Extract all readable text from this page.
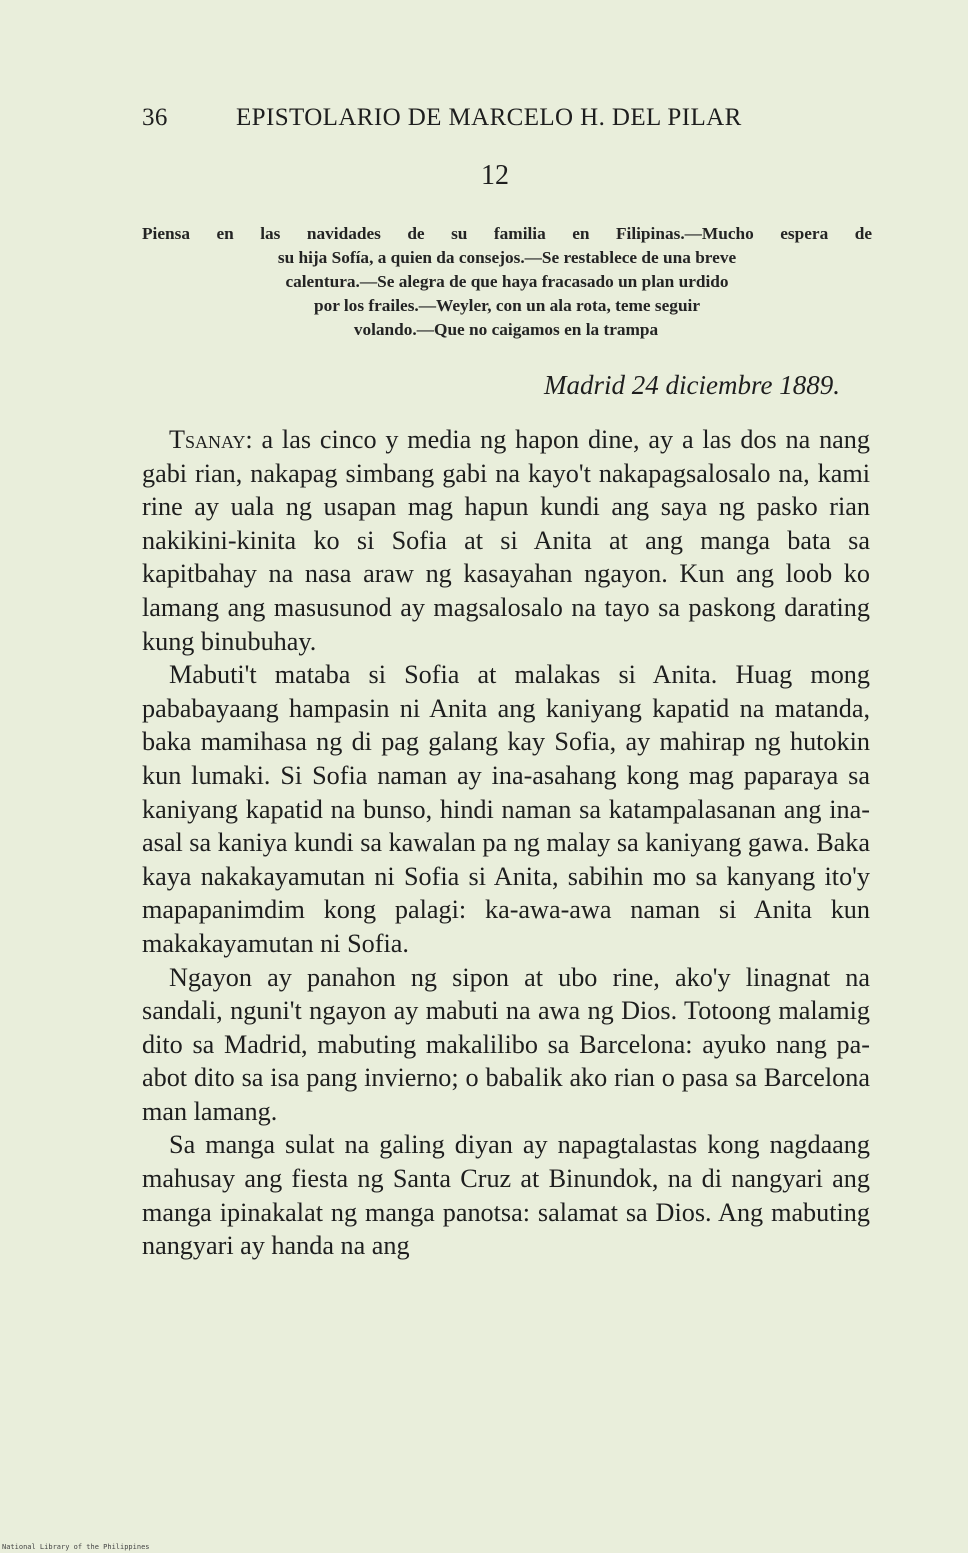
36	EPISTOLARIO DE MARCELO H. DEL PILAR
12
Piensa en las navidades de su familia en Filipinas.—Mucho espera de
su hija Sofía, a quien da consejos.—Se restablece de una breve
calentura.—Se alegra de que haya fracasado un plan urdido
por los frailes.—Weyler, con un ala rota, teme seguir
volando.—Que no caigamos en la trampa
Madrid 24 diciembre 1889.

Tsanay: a las cinco y media ng hapon dine, ay a las dos na nang gabi rian, nakapag simbang gabi na kayo't nakapagsalosalo na, kami rine ay uala ng usapan mag hapun kundi ang saya ng pasko rian nakikini-kinita ko si Sofia at si Anita at ang manga bata sa kapitbahay na nasa araw ng kasayahan ngayon. Kun ang loob ko lamang ang masusunod ay magsalosalo na tayo sa paskong darating kung binubuhay.

Mabuti't mataba si Sofia at malakas si Anita. Huag mong pababayaang hampasin ni Anita ang kaniyang kapatid na matanda, baka mamihasa ng di pag galang kay Sofia, ay mahirap ng hutokin kun lumaki. Si Sofia naman ay ina-asahang kong mag paparaya sa kaniyang kapatid na bunso, hindi naman sa katampalasanan ang ina-asal sa kaniya kundi sa kawalan pa ng malay sa kaniyang gawa. Baka kaya nakakayamutan ni Sofia si Anita, sabihin mo sa kanyang ito'y mapapanimdim kong palagi: ka-awa-awa naman si Anita kun makakayamutan ni Sofia.

Ngayon ay panahon ng sipon at ubo rine, ako'y linagnat na sandali, nguni't ngayon ay mabuti na awa ng Dios. Totoong malamig dito sa Madrid, mabuting makalilibo sa Barcelona: ayuko nang pa-abot dito sa isa pang invierno; o babalik ako rian o pasa sa Barcelona man lamang.

Sa manga sulat na galing diyan ay napagtalastas kong nagdaang mahusay ang fiesta ng Santa Cruz at Binundok, na di nangyari ang manga ipinakalat ng manga panotsa: salamat sa Dios. Ang mabuting nangyari ay handa na ang

National Library of the Philippines
